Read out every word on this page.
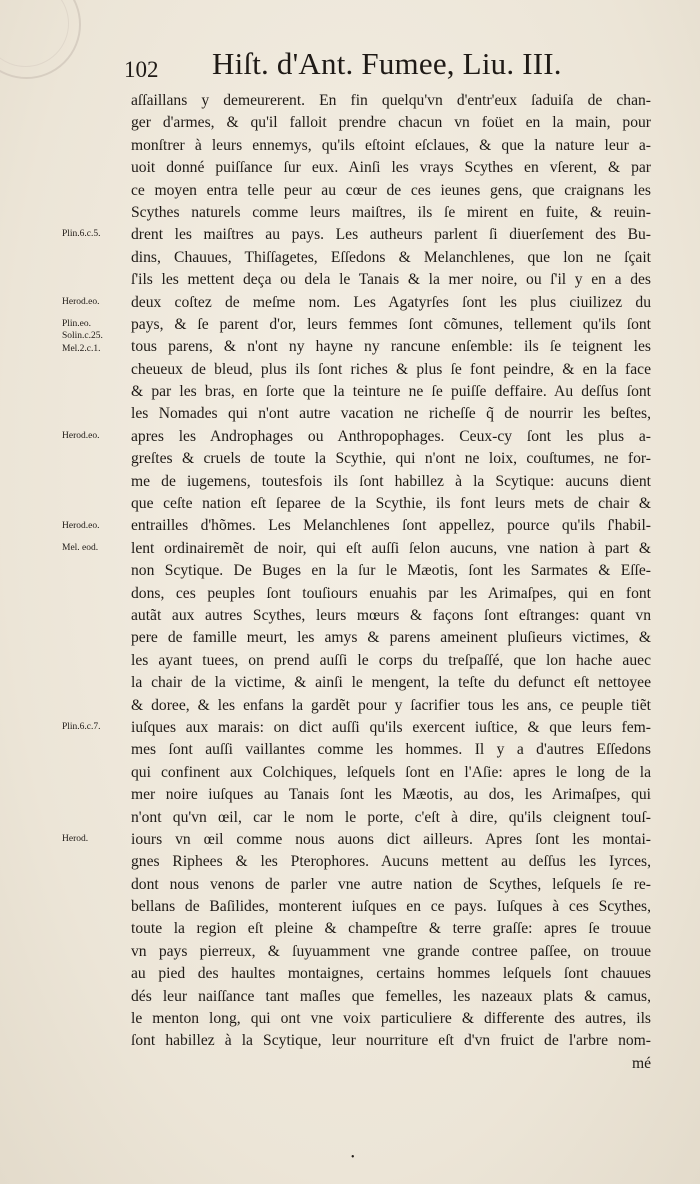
102 Hiſt. d'Ant. Fumee, Liu. III.
Plin.6.c.5.
Herod.eo.
Plin.eo.
Solin.c.25.
Mel.2.c.1.
Herod.eo.
Herod.eo.
Mel. eod.
Plin.6.c.7.
Herod.
aſſaillans y demeurerent. En fin quelqu'vn d'entr'eux ſaduiſa de chan-
ger d'armes, & qu'il falloit prendre chacun vn foüet en la main, pour
monſtrer à leurs ennemys, qu'ils eſtoint eſclaues, & que la nature leur a-
uoit donné puiſſance ſur eux. Ainſi les vrays Scythes en vſerent, & par
ce moyen entra telle peur au cœur de ces ieunes gens, que craignans les
Scythes naturels comme leurs maiſtres, ils ſe mirent en fuite, & reuin-
drent les maiſtres au pays. Les autheurs parlent ſi diuerſement des Bu-
dins, Chauues, Thiſſagetes, Eſſedons & Melanchlenes, que lon ne ſçait
ſ'ils les mettent deça ou dela le Tanais & la mer noire, ou ſ'il y en a des
deux coſtez de meſme nom. Les Agatyrſes ſont les plus ciuilizez du
pays, & ſe parent d'or, leurs femmes ſont cõmunes, tellement qu'ils ſont
tous parens, & n'ont ny hayne ny rancune enſemble: ils ſe teignent les
cheueux de bleud, plus ils ſont riches & plus ſe font peindre, & en la face
& par les bras, en ſorte que la teinture ne ſe puiſſe deffaire. Au deſſus ſont
les Nomades qui n'ont autre vacation ne richeſſe q̃ de nourrir les beſtes,
apres les Androphages ou Anthropophages. Ceux-cy ſont les plus a-
greſtes & cruels de toute la Scythie, qui n'ont ne loix, couſtumes, ne for-
me de iugemens, toutesfois ils ſont habillez à la Scytique: aucuns dient
que ceſte nation eſt ſeparee de la Scythie, ils font leurs mets de chair &
entrailles d'hõmes. Les Melanchlenes ſont appellez, pource qu'ils ſ'habil-
lent ordinairemẽt de noir, qui eſt auſſi ſelon aucuns, vne nation à part &
non Scytique. De Buges en la ſur le Mæotis, ſont les Sarmates & Eſſe-
dons, ces peuples ſont touſiours enuahis par les Arimaſpes, qui en font
autãt aux autres Scythes, leurs mœurs & façons ſont eſtranges: quant vn
pere de famille meurt, les amys & parens ameinent pluſieurs victimes, &
les ayant tuees, on prend auſſi le corps du treſpaſſé, que lon hache auec
la chair de la victime, & ainſi le mengent, la teſte du defunct eſt nettoyee
& doree, & les enfans la gardẽt pour y ſacrifier tous les ans, ce peuple tiẽt
iuſques aux marais: on dict auſſi qu'ils exercent iuſtice, & que leurs fem-
mes ſont auſſi vaillantes comme les hommes. Il y a d'autres Eſſedons
qui confinent aux Colchiques, leſquels ſont en l'Aſie: apres le long de la
mer noire iuſques au Tanais ſont les Mæotis, au dos, les Arimaſpes, qui
n'ont qu'vn œil, car le nom le porte, c'eſt à dire, qu'ils cleignent touſ-
iours vn œil comme nous auons dict ailleurs. Apres ſont les montai-
gnes Riphees & les Pterophores. Aucuns mettent au deſſus les Iyrces,
dont nous venons de parler vne autre nation de Scythes, leſquels ſe re-
bellans de Baſilides, monterent iuſques en ce pays. Iuſques à ces Scythes,
toute la region eſt pleine & champeſtre & terre graſſe: apres ſe trouue
vn pays pierreux, & ſuyuamment vne grande contree paſſee, on trouue
au pied des haultes montaignes, certains hommes leſquels ſont chauues
dés leur naiſſance tant maſles que femelles, les nazeaux plats & camus,
le menton long, qui ont vne voix particuliere & differente des autres, ils
ſont habillez à la Scytique, leur nourriture eſt d'vn fruict de l'arbre nom-
mé
•
